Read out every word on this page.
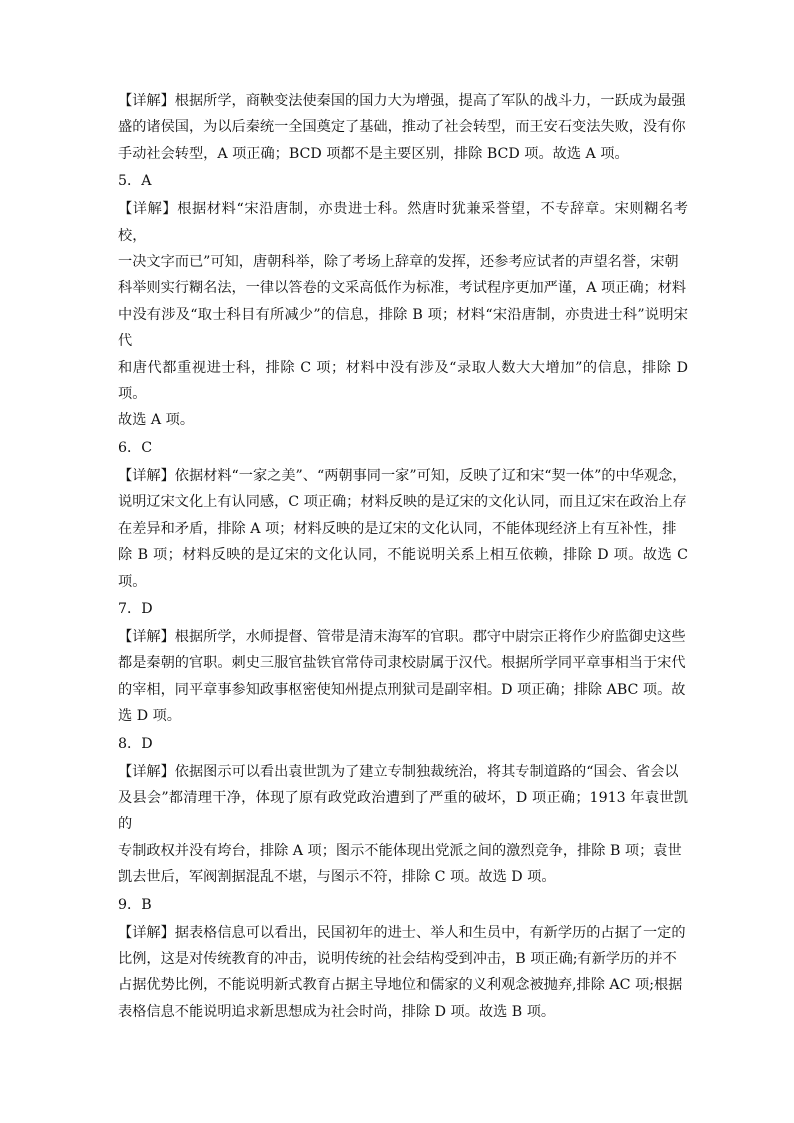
【详解】根据所学，商鞅变法使秦国的国力大为增强，提高了军队的战斗力，一跃成为最强

盛的诸侯国，为以后秦统一全国奠定了基础，推动了社会转型，而王安石变法失败，没有你

手动社会转型，A 项正确；BCD 项都不是主要区别，排除 BCD 项。故选 A 项。

5．A

【详解】根据材料“宋沿唐制，亦贵进士科。然唐时犹兼采誉望，不专辞章。宋则糊名考校，

一决文字而已”可知，唐朝科举，除了考场上辞章的发挥，还参考应试者的声望名誉，宋朝

科举则实行糊名法，一律以答卷的文采高低作为标准，考试程序更加严谨，A 项正确；材料

中没有涉及“取士科目有所减少”的信息，排除 B 项；材料“宋沿唐制，亦贵进士科”说明宋代

和唐代都重视进士科，排除 C 项；材料中没有涉及“录取人数大大增加”的信息，排除 D 项。

故选 A 项。

6．C

【详解】依据材料“一家之美”、“两朝事同一家”可知，反映了辽和宋“契一体”的中华观念，

说明辽宋文化上有认同感，C 项正确；材料反映的是辽宋的文化认同，而且辽宋在政治上存

在差异和矛盾，排除 A 项；材料反映的是辽宋的文化认同，不能体现经济上有互补性，排

除 B 项；材料反映的是辽宋的文化认同，不能说明关系上相互依赖，排除 D 项。故选 C 项。

7．D

【详解】根据所学，水师提督、管带是清末海军的官职。郡守中尉宗正将作少府监御史这些

都是秦朝的官职。刺史三服官盐铁官常侍司隶校尉属于汉代。根据所学同平章事相当于宋代

的宰相，同平章事参知政事枢密使知州提点刑狱司是副宰相。D 项正确；排除 ABC 项。故

选 D 项。

8．D

【详解】依据图示可以看出袁世凯为了建立专制独裁统治，将其专制道路的“国会、省会以

及县会”都清理干净，体现了原有政党政治遭到了严重的破坏，D 项正确；1913 年袁世凯的

专制政权并没有垮台，排除 A 项；图示不能体现出党派之间的激烈竞争，排除 B 项；袁世

凯去世后，军阀割据混乱不堪，与图示不符，排除 C 项。故选 D 项。

9．B

【详解】据表格信息可以看出，民国初年的进士、举人和生员中，有新学历的占据了一定的

比例，这是对传统教育的冲击，说明传统的社会结构受到冲击，B 项正确;有新学历的并不

占据优势比例，不能说明新式教育占据主导地位和儒家的义利观念被抛弃,排除 AC 项;根据

表格信息不能说明追求新思想成为社会时尚，排除 D 项。故选 B 项。
